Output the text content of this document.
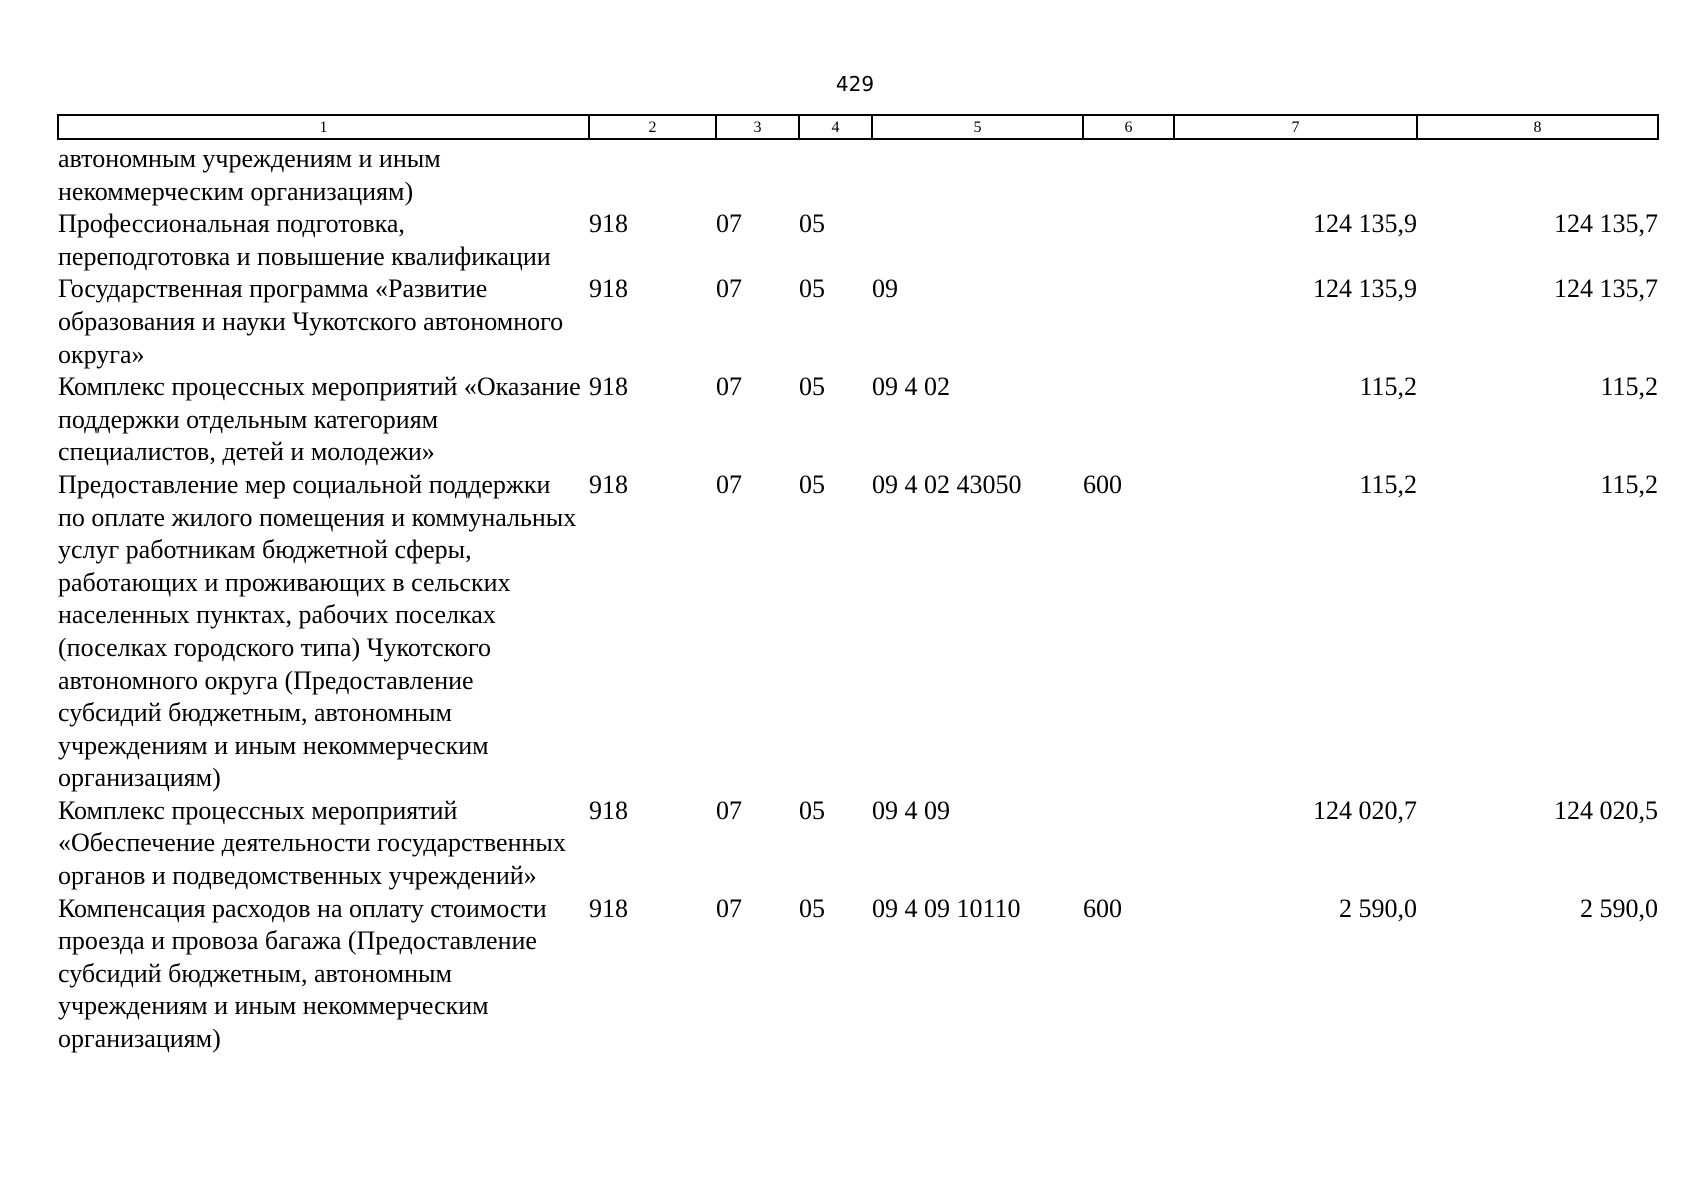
429
1	2	3	4	5	6	7	8
автономным учреждениям и иным некоммерческим организациям)							
Профессиональная подготовка, переподготовка и повышение квалификации	918	07	05			124 135,9	124 135,7
Государственная программа «Развитие образования и науки Чукотского автономного округа»	918	07	05	09		124 135,9	124 135,7
Комплекс процессных мероприятий «Оказание поддержки отдельным категориям специалистов, детей и молодежи»	918	07	05	09 4 02		115,2	115,2
Предоставление мер социальной поддержки по оплате жилого помещения и коммунальных услуг работникам бюджетной сферы, работающих и проживающих в сельских населенных пунктах, рабочих поселках (поселках городского типа) Чукотского автономного округа (Предоставление субсидий бюджетным, автономным учреждениям и иным некоммерческим организациям)	918	07	05	09 4 02 43050	600	115,2	115,2
Комплекс процессных мероприятий «Обеспечение деятельности государственных органов и подведомственных учреждений»	918	07	05	09 4 09		124 020,7	124 020,5
Компенсация расходов на оплату стоимости проезда и провоза багажа (Предоставление субсидий бюджетным, автономным учреждениям и иным некоммерческим организациям)	918	07	05	09 4 09 10110	600	2 590,0	2 590,0
